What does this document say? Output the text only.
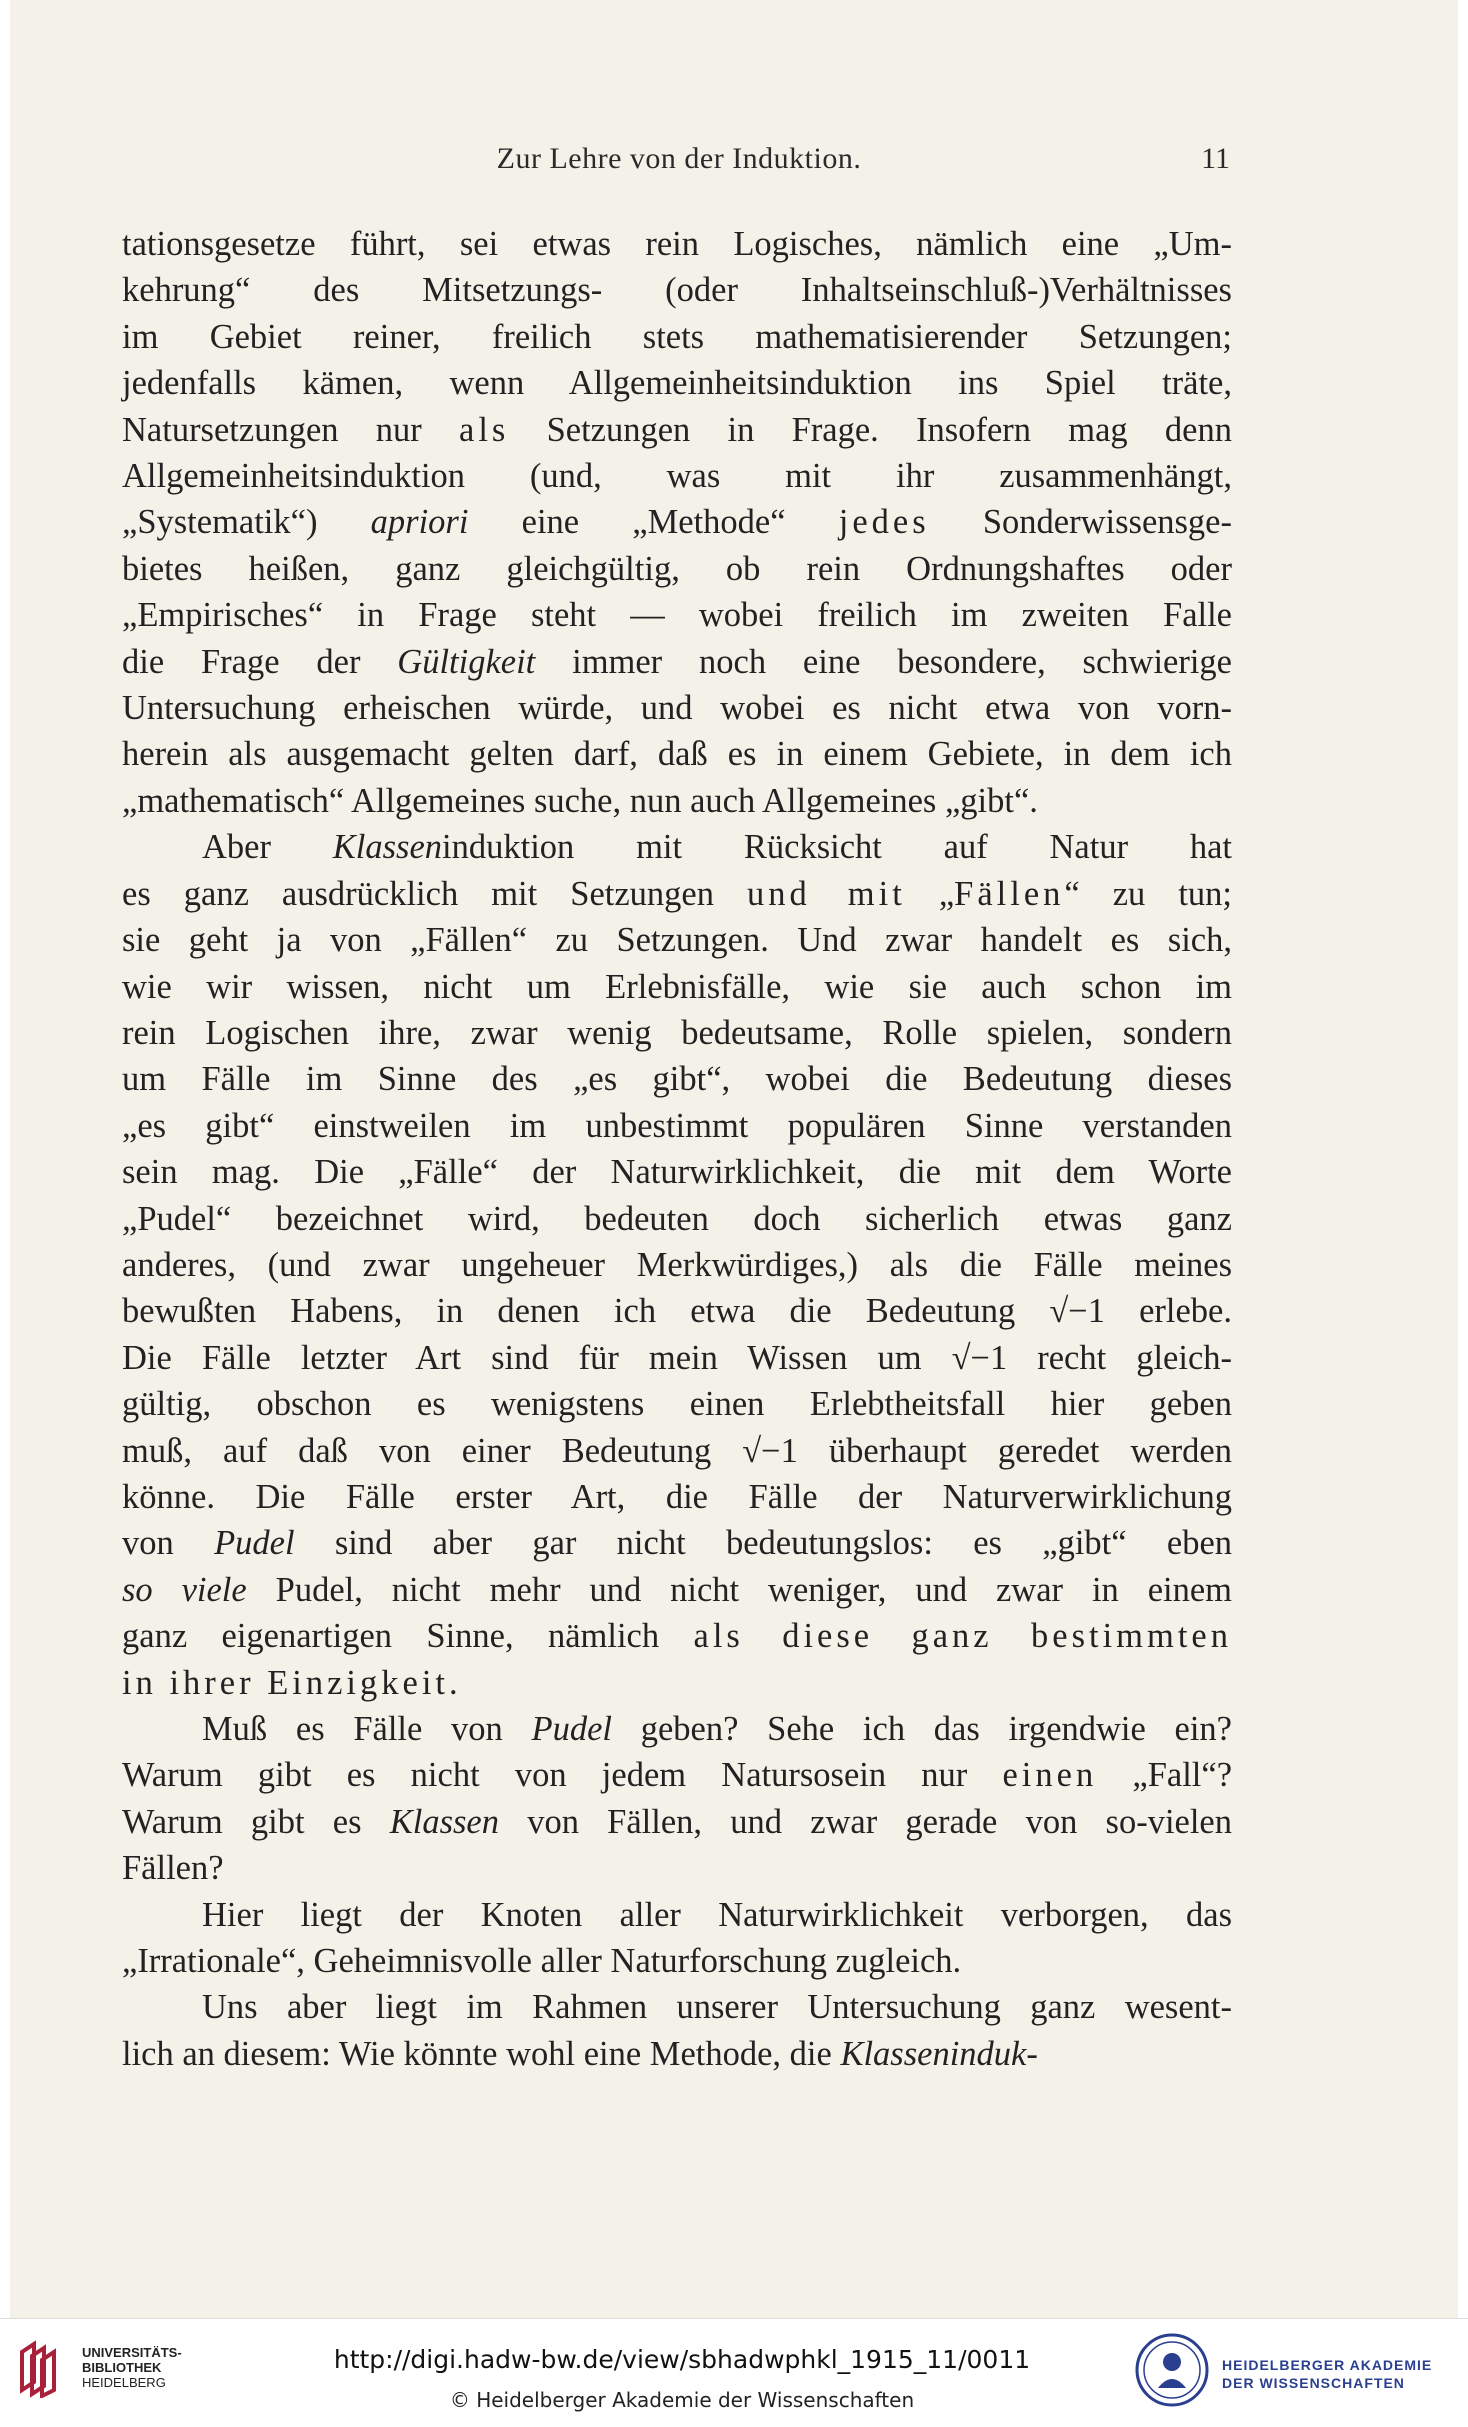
Zur Lehre von der Induktion.	11

tationsgesetze führt, sei etwas rein Logisches, nämlich eine „Um-
kehrung“ des Mitsetzungs- (oder Inhaltseinschluß-)Verhältnisses
im Gebiet reiner, freilich stets mathematisierender Setzungen;
jedenfalls kämen, wenn Allgemeinheitsinduktion ins Spiel träte,
Natursetzungen nur als Setzungen in Frage. Insofern mag denn
Allgemeinheitsinduktion (und, was mit ihr zusammenhängt,
„Systematik“) apriori eine „Methode“ jedes Sonderwissensge-
bietes heißen, ganz gleichgültig, ob rein Ordnungshaftes oder
„Empirisches“ in Frage steht — wobei freilich im zweiten Falle
die Frage der Gültigkeit immer noch eine besondere, schwierige
Untersuchung erheischen würde, und wobei es nicht etwa von vorn-
herein als ausgemacht gelten darf, daß es in einem Gebiete, in dem ich
„mathematisch“ Allgemeines suche, nun auch Allgemeines „gibt“.

Aber Klasseninduktion mit Rücksicht auf Natur hat
es ganz ausdrücklich mit Setzungen und mit „Fällen“ zu tun;
sie geht ja von „Fällen“ zu Setzungen. Und zwar handelt es sich,
wie wir wissen, nicht um Erlebnisfälle, wie sie auch schon im
rein Logischen ihre, zwar wenig bedeutsame, Rolle spielen, sondern
um Fälle im Sinne des „es gibt“, wobei die Bedeutung dieses
„es gibt“ einstweilen im unbestimmt populären Sinne verstanden
sein mag. Die „Fälle“ der Naturwirklichkeit, die mit dem Worte
„Pudel“ bezeichnet wird, bedeuten doch sicherlich etwas ganz
anderes, (und zwar ungeheuer Merkwürdiges,) als die Fälle meines
bewußten Habens, in denen ich etwa die Bedeutung √−1 erlebe.
Die Fälle letzter Art sind für mein Wissen um √−1 recht gleich-
gültig, obschon es wenigstens einen Erlebtheitsfall hier geben
muß, auf daß von einer Bedeutung √−1 überhaupt geredet werden
könne. Die Fälle erster Art, die Fälle der Naturverwirklichung
von Pudel sind aber gar nicht bedeutungslos: es „gibt“ eben
so viele Pudel, nicht mehr und nicht weniger, und zwar in einem
ganz eigenartigen Sinne, nämlich als diese ganz bestimmten
in ihrer Einzigkeit.

Muß es Fälle von Pudel geben? Sehe ich das irgendwie ein?
Warum gibt es nicht von jedem Natursosein nur einen „Fall“?
Warum gibt es Klassen von Fällen, und zwar gerade von so-vielen
Fällen?

Hier liegt der Knoten aller Naturwirklichkeit verborgen, das
„Irrationale“, Geheimnisvolle aller Naturforschung zugleich.

Uns aber liegt im Rahmen unserer Untersuchung ganz wesent-
lich an diesem: Wie könnte wohl eine Methode, die Klasseninduk-

UNIVERSITÄTS-
BIBLIOTHEK
HEIDELBERG
http://digi.hadw-bw.de/view/sbhadwphkl_1915_11/0011
© Heidelberger Akademie der Wissenschaften
HEIDELBERGER AKADEMIE
DER WISSENSCHAFTEN
